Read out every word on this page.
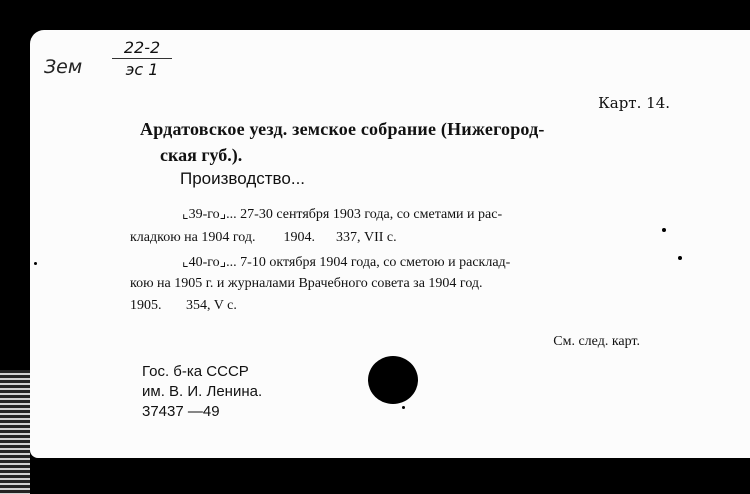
Зем
22-2
эс 1
Карт. 14.
Ардатовское уезд. земское собрание (Нижегород-
ская губ.).
Производство...
⌞39-го⌟... 27-30 сентября 1903 года, со сметами и рас-
кладкою на 1904 год.        1904.      337, VII с.
⌞40-го⌟... 7-10 октября 1904 года, со сметою и расклад-
кою на 1905 г. и журналами Врачебного совета за 1904 год.
1905.       354, V с.
См. след. карт.
Гос. б-ка СССР
им. В. И. Ленина.
37437 —49
